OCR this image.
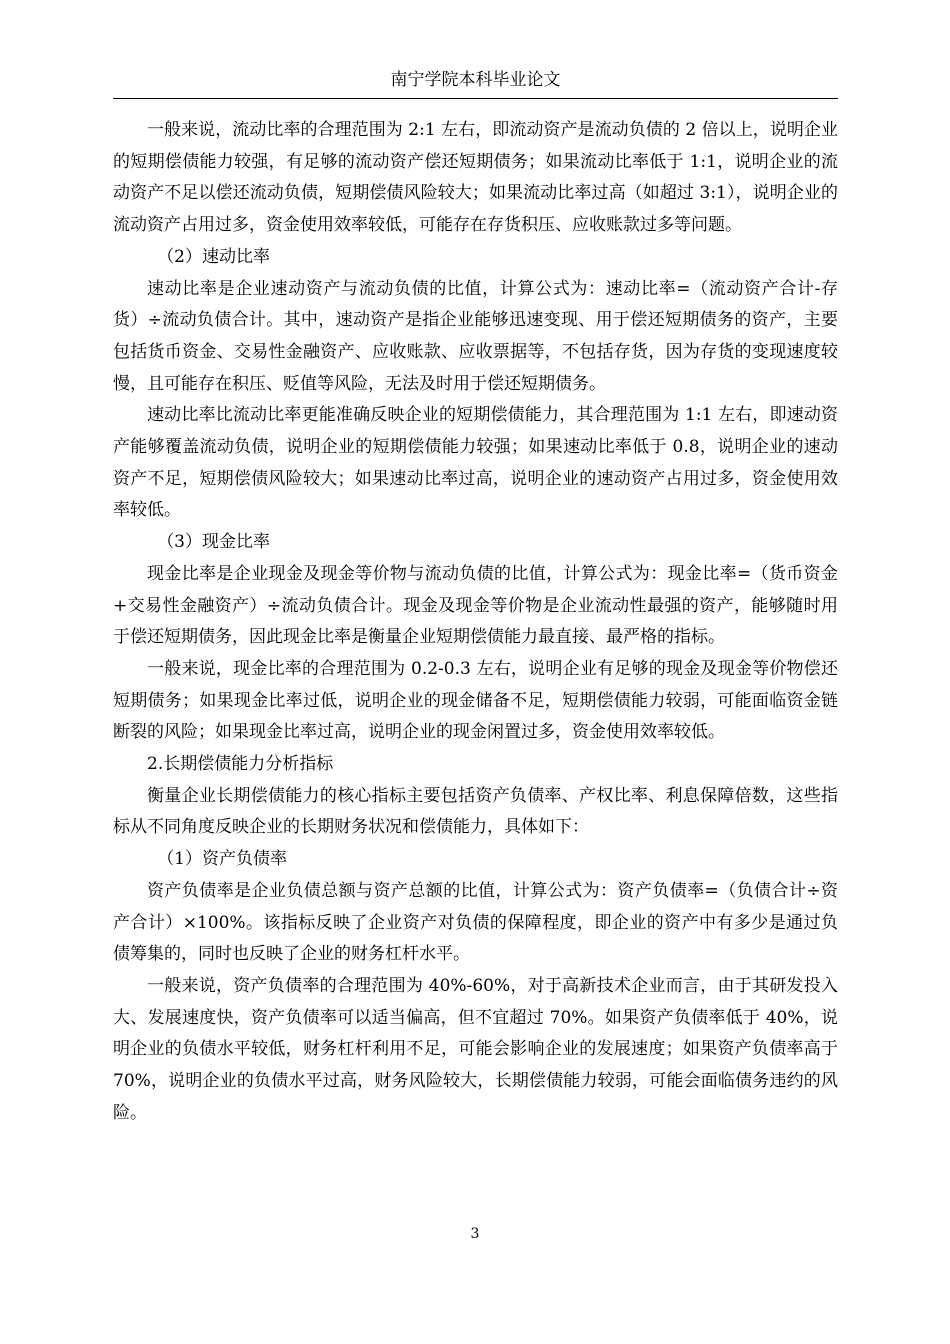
南宁学院本科毕业论文

一般来说，流动比率的合理范围为 2:1 左右，即流动资产是流动负债的 2 倍以上，说明企业的短期偿债能力较强，有足够的流动资产偿还短期债务；如果流动比率低于 1:1，说明企业的流动资产不足以偿还流动负债，短期偿债风险较大；如果流动比率过高（如超过 3:1），说明企业的流动资产占用过多，资金使用效率较低，可能存在存货积压、应收账款过多等问题。

（2）速动比率

速动比率是企业速动资产与流动负债的比值，计算公式为：速动比率=（流动资产合计-存货）÷流动负债合计。其中，速动资产是指企业能够迅速变现、用于偿还短期债务的资产，主要包括货币资金、交易性金融资产、应收账款、应收票据等，不包括存货，因为存货的变现速度较慢，且可能存在积压、贬值等风险，无法及时用于偿还短期债务。

速动比率比流动比率更能准确反映企业的短期偿债能力，其合理范围为 1:1 左右，即速动资产能够覆盖流动负债，说明企业的短期偿债能力较强；如果速动比率低于 0.8，说明企业的速动资产不足，短期偿债风险较大；如果速动比率过高，说明企业的速动资产占用过多，资金使用效率较低。

（3）现金比率

现金比率是企业现金及现金等价物与流动负债的比值，计算公式为：现金比率=（货币资金+交易性金融资产）÷流动负债合计。现金及现金等价物是企业流动性最强的资产，能够随时用于偿还短期债务，因此现金比率是衡量企业短期偿债能力最直接、最严格的指标。

一般来说，现金比率的合理范围为 0.2-0.3 左右，说明企业有足够的现金及现金等价物偿还短期债务；如果现金比率过低，说明企业的现金储备不足，短期偿债能力较弱，可能面临资金链断裂的风险；如果现金比率过高，说明企业的现金闲置过多，资金使用效率较低。

2.长期偿债能力分析指标

衡量企业长期偿债能力的核心指标主要包括资产负债率、产权比率、利息保障倍数，这些指标从不同角度反映企业的长期财务状况和偿债能力，具体如下：

（1）资产负债率

资产负债率是企业负债总额与资产总额的比值，计算公式为：资产负债率=（负债合计÷资产合计）×100%。该指标反映了企业资产对负债的保障程度，即企业的资产中有多少是通过负债筹集的，同时也反映了企业的财务杠杆水平。

一般来说，资产负债率的合理范围为 40%-60%，对于高新技术企业而言，由于其研发投入大、发展速度快，资产负债率可以适当偏高，但不宜超过 70%。如果资产负债率低于 40%，说明企业的负债水平较低，财务杠杆利用不足，可能会影响企业的发展速度；如果资产负债率高于 70%，说明企业的负债水平过高，财务风险较大，长期偿债能力较弱，可能会面临债务违约的风险。

3
